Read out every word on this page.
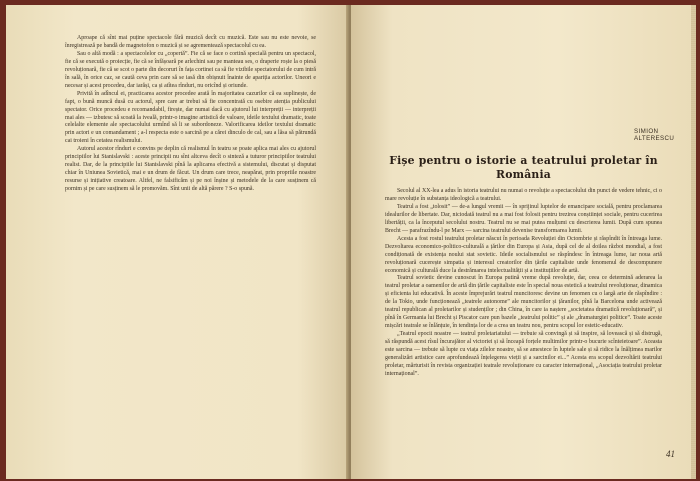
Aproape că sînt mai puține spectacole fără muzică decît cu muzică. Este sau nu este nevoie, se înregistrează pe bandă de magnetofon o muzică și se agrementează spectacolul cu ea.

Sau o altă modă : a spectacolelor cu „copertă”. Fie că se face o cortină specială pentru un spectacol, fie că se execută o proiecție, fie că se înfășoară pe arlechini sau pe manteau ses, o draperie roșie la o piesă revoluționară, fie că se scot o parte din decoruri în fața cortinei ca să fie vizibile spectatorului de cum intră în sală, în orice caz, se caută ceva prin care să se iasă din obișnuit înainte de apariția actorilor. Uneori e necesar și acest procedeu, dar iarăși, ca și atîtea rînduri, nu oricînd și oriunde.

Privită în adîncul ei, practicarea acestor procedee arată în majoritatea cazurilor că ea suplinește, de fapt, o bună muncă dusă cu actorul, spre care ar trebui să fie concentrată cu osebire atenția publicului spectator. Orice procedeu e recomandabil, firește, dar numai dacă cu ajutorul lui interpreții — interpreții mai ales — izbutesc să scoată la iveală, printr-o imagine artistică de valoare, ideile textului dramatic, toate celelalte elemente ale spectacolului urmînd să li se subordoneze. Valorificarea ideilor textului dramatic prin actori e un comandament ; a-l respecta este o sarcină pe a cărei dinculo de cal, sau a lăsa să pătrundă cai troieni în cetatea realismului.

Autorul acestor rînduri e convins pe deplin că realismul în teatru se poate aplica mai ales cu ajutorul principiilor lui Stanislavski : aceste principii nu sînt altceva decît o sinteză a tuturor principiilor teatrului realist. Dar, de la principiile lui Stanislavski pînă la aplicarea efectivă a sistemului, discutat și disputat chiar în Uniunea Sovietică, mai e un drum de făcut. Un drum care trece, neapărat, prin propriile noastre resurse și inițiative creatoare. Altfel, ne falsificăm și pe noi înșine și metodele de la care susținem că pornim și pe care susținem să le promovăm. Sînt unii de altă părere ? S-o spună.

SIMION ALTERESCU
Fișe pentru o istorie a teatrului proletar în România

Secolul al XX-lea a adus în istoria teatrului nu numai o revoluție a spectacolului din punct de vedere tehnic, ci o mare revoluție în substanța ideologică a teatrului.

Teatrul a fost „tolosit” — de-a lungul vremii — în sprijinul luptelor de emancipare socială, pentru proclamarea idealurilor de libertate. Dar, niciodată teatrul nu a mai fost folosit pentru trezirea conștiinței sociale, pentru cucerirea libertății, ca la începutul secolului nostru. Teatrul nu se mai putea mulțumi cu descrierea lumii. După cum spunea Brecht — parafrazîndu-l pe Marx — sarcina teatrului devenise transformarea lumii.

Acesta a fost rostul teatrului proletar născut în perioada Revoluției din Octombrie și răspîndit în întreaga lume. Dezvoltarea economico-politico-culturală a țărilor din Europa și Asia, după cel de al doilea război mondial, a fost condiționată de existența noului stat sovietic. Ideile socialismului se răspîndesc în întreaga lume, iar noua artă revoluționară cucerește simpatia și interesul creatorilor din țările capitaliste unde fenomenul de descompunere economică și culturală duce la destrămarea intelectualității și a instituțiilor de artă.

Teatrul sovietic devine cunoscut în Europa putină vreme după revoluție, dar, ceea ce determină aderarea la teatrul proletar a oamenilor de artă din țările capitaliste este în special noua estetică a teatrului revoluționar, dinamica și eficienta lui educativă. În aceste împrejurări teatrul muncitoresc devine un fenomen cu o largă arie de răspîndire : de la Tokio, unde funcționează „teatrele autonome” ale muncitorilor și țăranilor, pînă la Barcelona unde activează teatrul republican al proletarilor și studenților ; din China, în care ia naștere „societatea dramatică revoluționară”, și pînă în Germania lui Brecht și Piscator care pun bazele „teatrului politic” și ale „dramaturgiei politice”. Toate aceste mișcări teatrale se înlănțuie, în tendința lor de a crea un teatru nou, pentru scopul lor estetic-educativ.

„Teatrul epocii noastre — teatrul proletariatului — trebuie să convingă și să inspire, să lovească și să distrugă, să răspundă acest rîsul încurajător al victoriei și să înceapă forțele multimilor printr-o bucurie scînteietoare”. Aceasta este sarcina — trebuie să lupte cu viața zilelor noastre, să se amestece în luptele sale și să ridice la înălțimea marilor generalizări artistice care aprofundează înțelegerea vieții și a sarcinilor ei...” Acesta era scopul dezvoltării teatrului proletar, mărturisit în revista organizației teatrale revoluționare cu caracter internațional, „Asociația teatrului proletar internațional”.

41
